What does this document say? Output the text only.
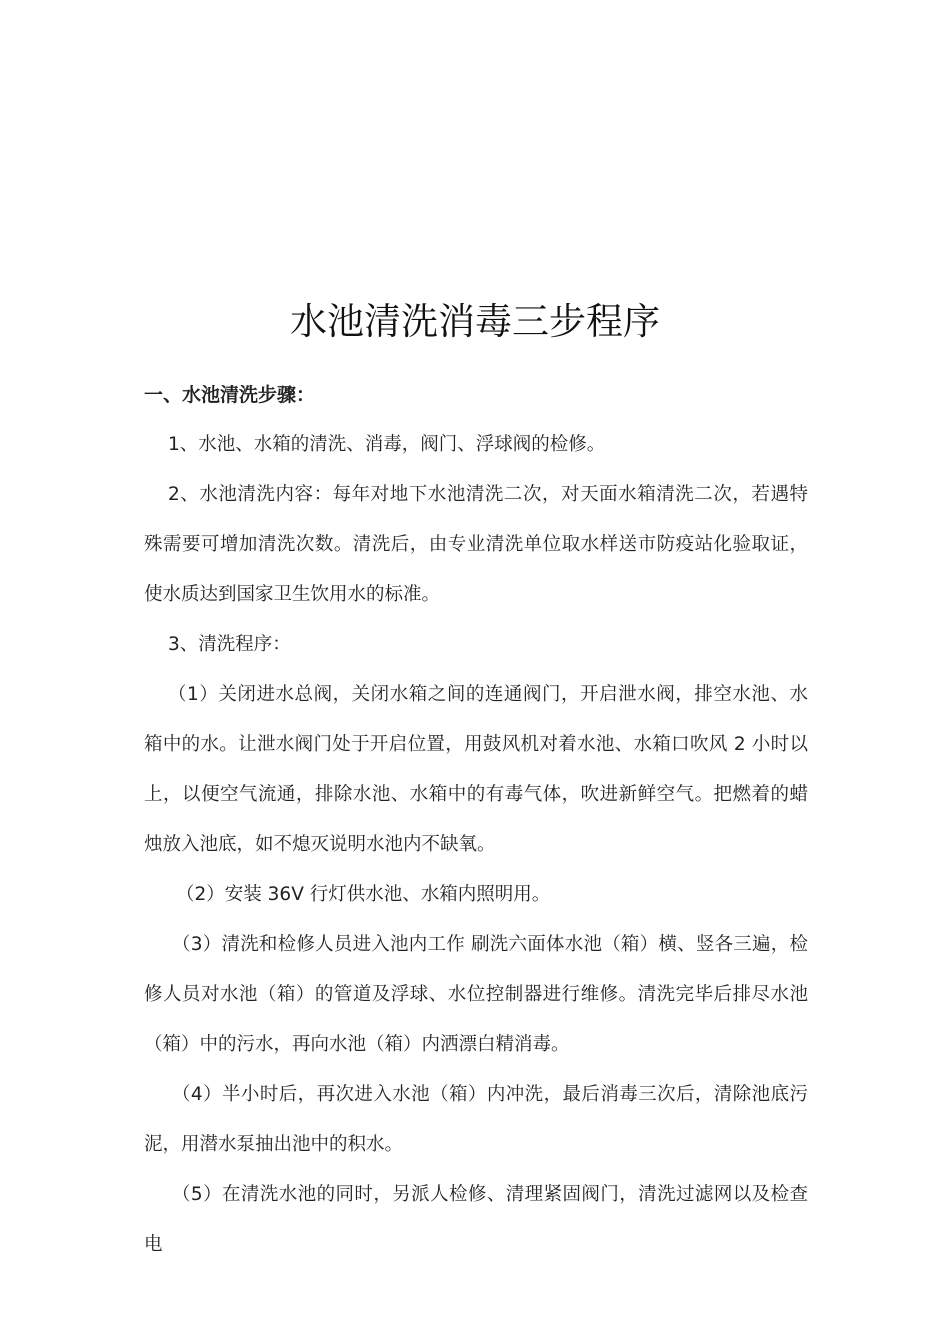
水池清洗消毒三步程序

一、水池清洗步骤：

1、水池、水箱的清洗、消毒，阀门、浮球阀的检修。

2、水池清洗内容：每年对地下水池清洗二次，对天面水箱清洗二次，若遇特殊需要可增加清洗次数。清洗后，由专业清洗单位取水样送市防疫站化验取证，使水质达到国家卫生饮用水的标准。

3、清洗程序：

（1）关闭进水总阀，关闭水箱之间的连通阀门，开启泄水阀，排空水池、水箱中的水。让泄水阀门处于开启位置，用鼓风机对着水池、水箱口吹风 2 小时以上，以便空气流通，排除水池、水箱中的有毒气体，吹进新鲜空气。把燃着的蜡烛放入池底，如不熄灭说明水池内不缺氧。

（2）安装 36V 行灯供水池、水箱内照明用。

（3）清洗和检修人员进入池内工作 刷洗六面体水池（箱）横、竖各三遍，检修人员对水池（箱）的管道及浮球、水位控制器进行维修。清洗完毕后排尽水池（箱）中的污水，再向水池（箱）内洒漂白精消毒。

（4）半小时后，再次进入水池（箱）内冲洗，最后消毒三次后，清除池底污泥，用潜水泵抽出池中的积水。

（5）在清洗水池的同时，另派人检修、清理紧固阀门，清洗过滤网以及检查电
